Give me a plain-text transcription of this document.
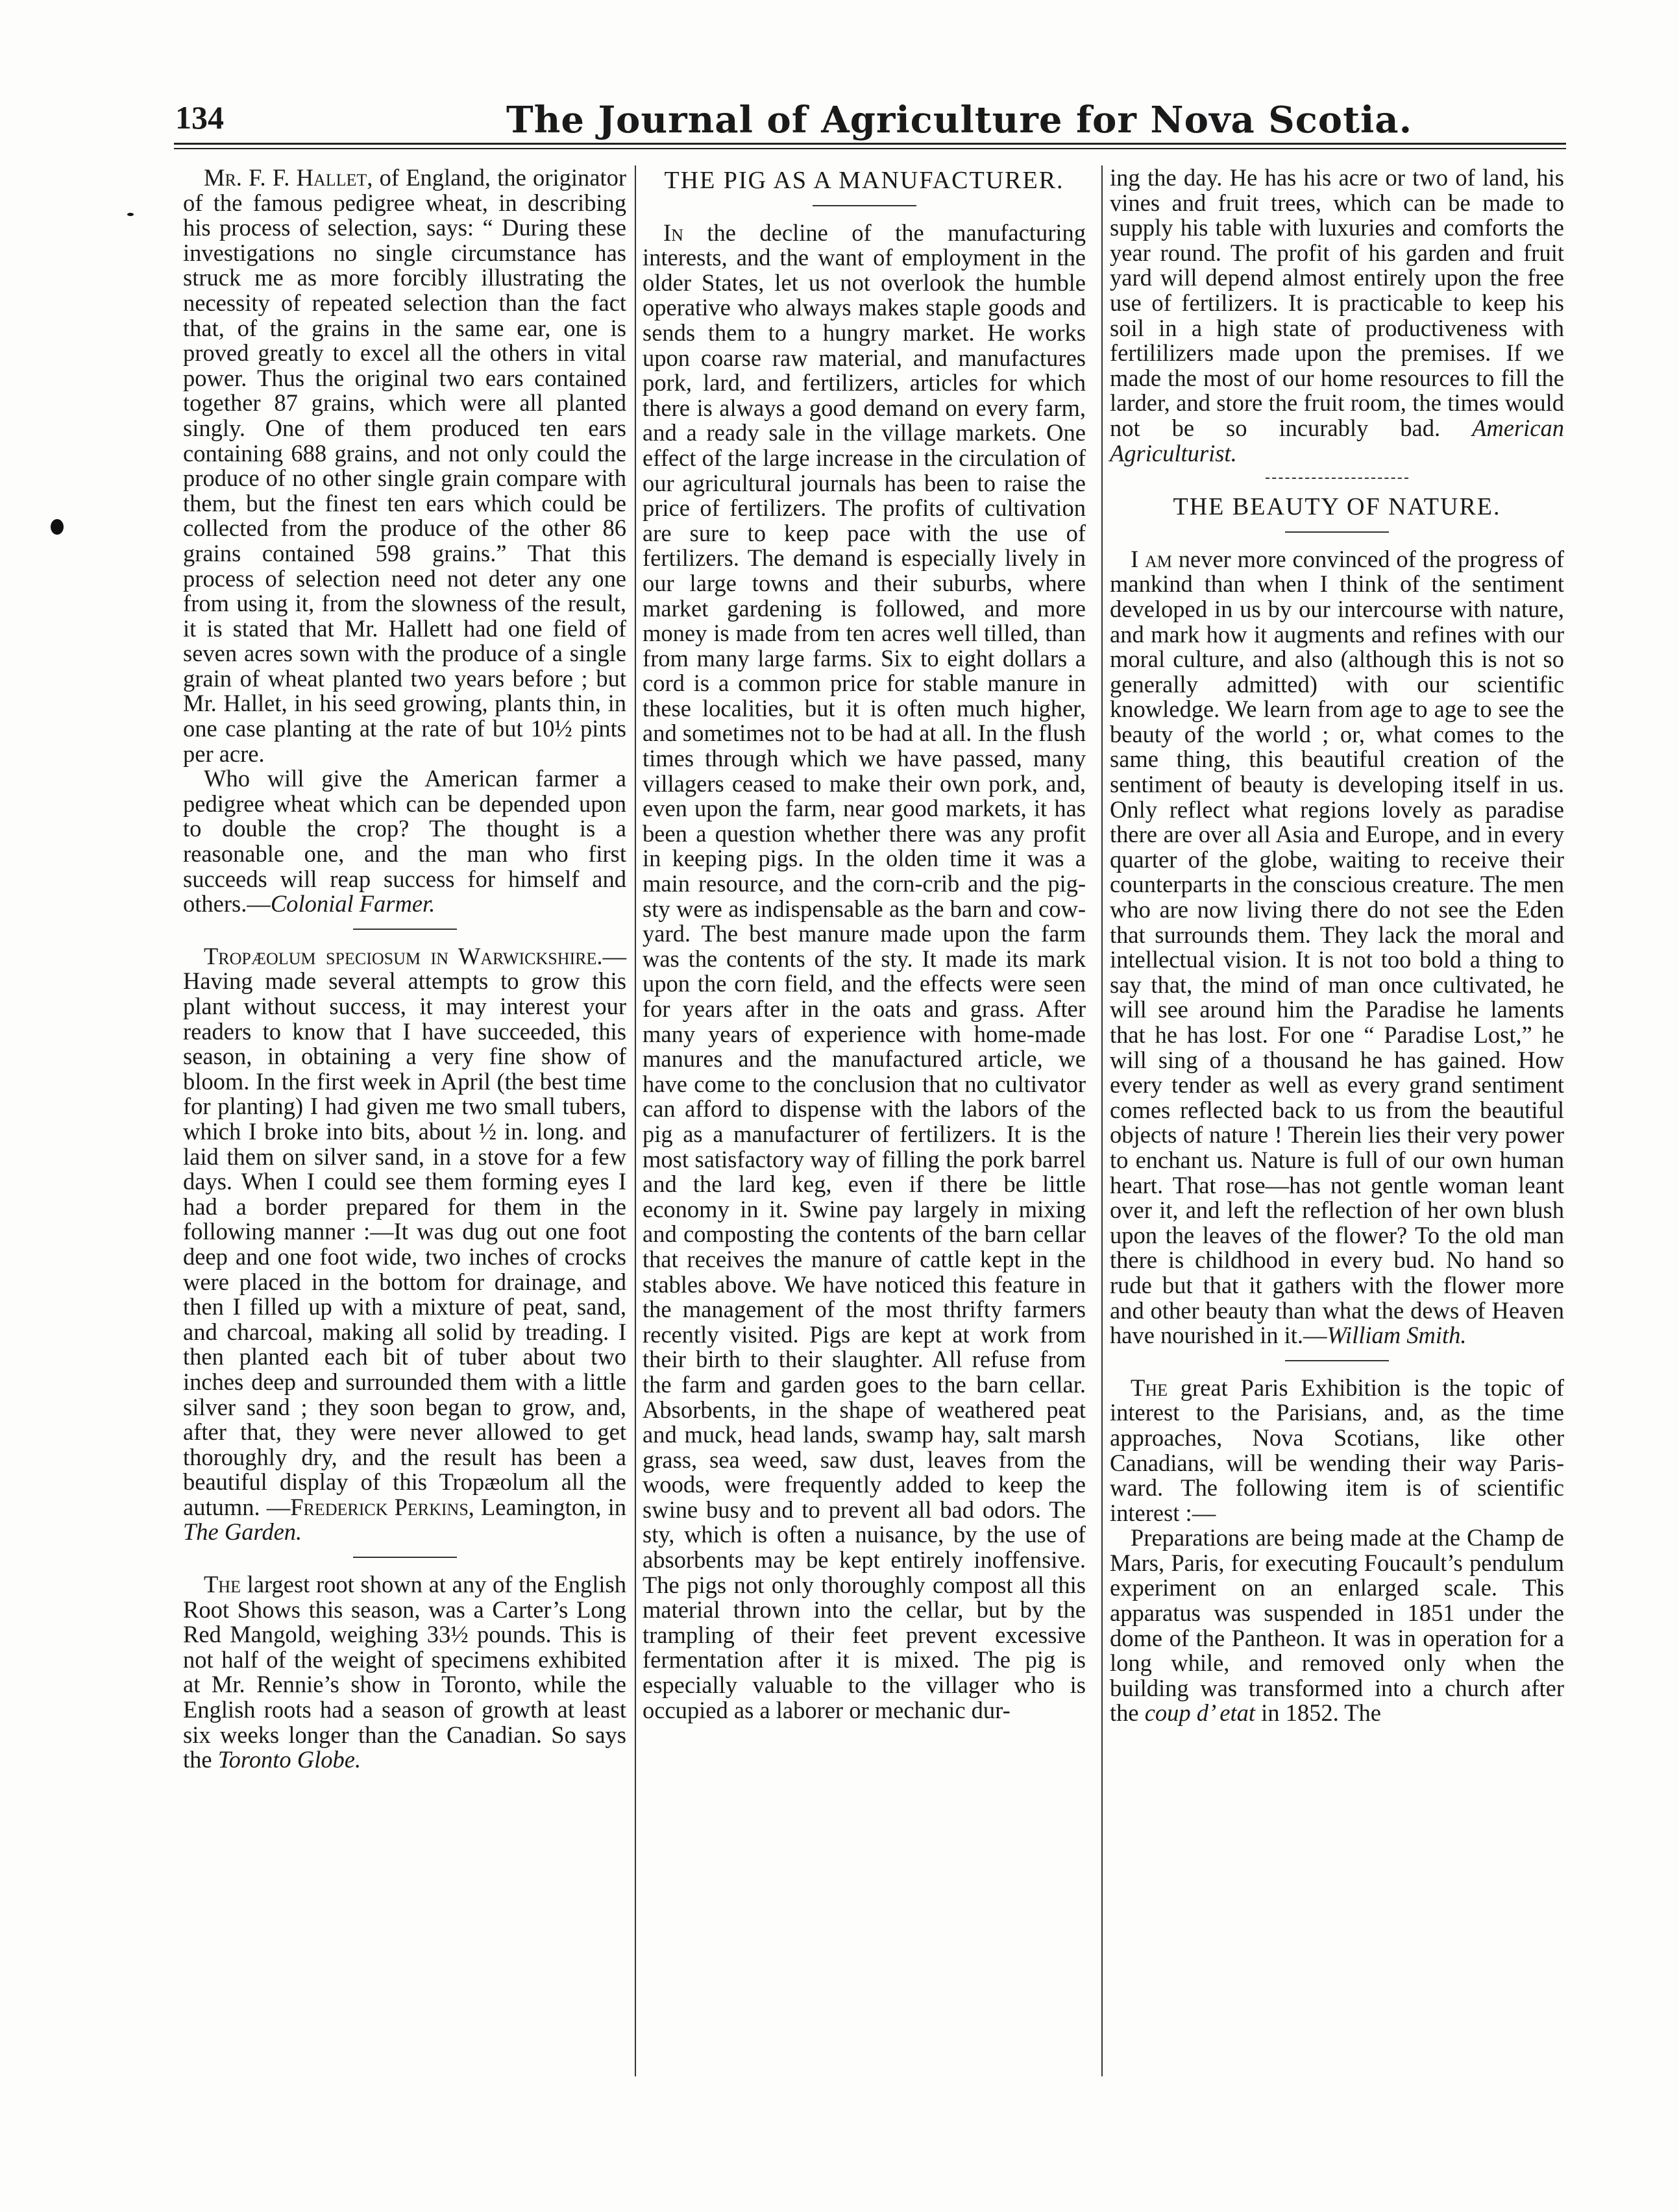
134	The Journal of Agriculture for Nova Scotia.

Mr. F. F. Hallet, of England, the originator of the famous pedigree wheat, in describing his process of selection, says: “ During these investigations no single circumstance has struck me as more forcibly illustrating the necessity of repeated selection than the fact that, of the grains in the same ear, one is proved greatly to excel all the others in vital power. Thus the original two ears contained together 87 grains, which were all planted singly. One of them produced ten ears containing 688 grains, and not only could the produce of no other single grain compare with them, but the finest ten ears which could be collected from the produce of the other 86 grains contained 598 grains.” That this process of selection need not deter any one from using it, from the slowness of the result, it is stated that Mr. Hallett had one field of seven acres sown with the produce of a single grain of wheat planted two years before ; but Mr. Hallet, in his seed growing, plants thin, in one case planting at the rate of but 10½ pints per acre.

Who will give the American farmer a pedigree wheat which can be depended upon to double the crop? The thought is a reasonable one, and the man who first succeeds will reap success for himself and others.—Colonial Farmer.

Tropæolum speciosum in Warwickshire.—Having made several attempts to grow this plant without success, it may interest your readers to know that I have succeeded, this season, in obtaining a very fine show of bloom. In the first week in April (the best time for planting) I had given me two small tubers, which I broke into bits, about ½ in. long. and laid them on silver sand, in a stove for a few days. When I could see them forming eyes I had a border prepared for them in the following manner :—It was dug out one foot deep and one foot wide, two inches of crocks were placed in the bottom for drainage, and then I filled up with a mixture of peat, sand, and charcoal, making all solid by treading. I then planted each bit of tuber about two inches deep and surrounded them with a little silver sand ; they soon began to grow, and, after that, they were never allowed to get thoroughly dry, and the result has been a beautiful display of this Tropæolum all the autumn. —Frederick Perkins, Leamington, in The Garden.

The largest root shown at any of the English Root Shows this season, was a Carter’s Long Red Mangold, weighing 33½ pounds. This is not half of the weight of specimens exhibited at Mr. Rennie’s show in Toronto, while the English roots had a season of growth at least six weeks longer than the Canadian. So says the Toronto Globe.

THE PIG AS A MANUFACTURER.

In the decline of the manufacturing interests, and the want of employment in the older States, let us not overlook the humble operative who always makes staple goods and sends them to a hungry market. He works upon coarse raw material, and manufactures pork, lard, and fertilizers, articles for which there is always a good demand on every farm, and a ready sale in the village markets. One effect of the large increase in the circulation of our agricultural journals has been to raise the price of fertilizers. The profits of cultivation are sure to keep pace with the use of fertilizers. The demand is especially lively in our large towns and their suburbs, where market gardening is followed, and more money is made from ten acres well tilled, than from many large farms. Six to eight dollars a cord is a common price for stable manure in these localities, but it is often much higher, and sometimes not to be had at all. In the flush times through which we have passed, many villagers ceased to make their own pork, and, even upon the farm, near good markets, it has been a question whether there was any profit in keeping pigs. In the olden time it was a main resource, and the corn-crib and the pig-sty were as indispensable as the barn and cow-yard. The best manure made upon the farm was the contents of the sty. It made its mark upon the corn field, and the effects were seen for years after in the oats and grass. After many years of experience with home-made manures and the manufactured article, we have come to the conclusion that no cultivator can afford to dispense with the labors of the pig as a manufacturer of fertilizers. It is the most satisfactory way of filling the pork barrel and the lard keg, even if there be little economy in it. Swine pay largely in mixing and composting the contents of the barn cellar that receives the manure of cattle kept in the stables above. We have noticed this feature in the management of the most thrifty farmers recently visited. Pigs are kept at work from their birth to their slaughter. All refuse from the farm and garden goes to the barn cellar. Absorbents, in the shape of weathered peat and muck, head lands, swamp hay, salt marsh grass, sea weed, saw dust, leaves from the woods, were frequently added to keep the swine busy and to prevent all bad odors. The sty, which is often a nuisance, by the use of absorbents may be kept entirely inoffensive. The pigs not only thoroughly compost all this material thrown into the cellar, but by the trampling of their feet prevent excessive fermentation after it is mixed. The pig is especially valuable to the villager who is occupied as a laborer or mechanic dur-

ing the day. He has his acre or two of land, his vines and fruit trees, which can be made to supply his table with luxuries and comforts the year round. The profit of his garden and fruit yard will depend almost entirely upon the free use of fertilizers. It is practicable to keep his soil in a high state of productiveness with fertililizers made upon the premises. If we made the most of our home resources to fill the larder, and store the fruit room, the times would not be so incurably bad. American Agriculturist.

THE BEAUTY OF NATURE.

I am never more convinced of the progress of mankind than when I think of the sentiment developed in us by our intercourse with nature, and mark how it augments and refines with our moral culture, and also (although this is not so generally admitted) with our scientific knowledge. We learn from age to age to see the beauty of the world ; or, what comes to the same thing, this beautiful creation of the sentiment of beauty is developing itself in us. Only reflect what regions lovely as paradise there are over all Asia and Europe, and in every quarter of the globe, waiting to receive their counterparts in the conscious creature. The men who are now living there do not see the Eden that surrounds them. They lack the moral and intellectual vision. It is not too bold a thing to say that, the mind of man once cultivated, he will see around him the Paradise he laments that he has lost. For one “ Paradise Lost,” he will sing of a thousand he has gained. How every tender as well as every grand sentiment comes reflected back to us from the beautiful objects of nature ! Therein lies their very power to enchant us. Nature is full of our own human heart. That rose—has not gentle woman leant over it, and left the reflection of her own blush upon the leaves of the flower? To the old man there is childhood in every bud. No hand so rude but that it gathers with the flower more and other beauty than what the dews of Heaven have nourished in it.—William Smith.

The great Paris Exhibition is the topic of interest to the Parisians, and, as the time approaches, Nova Scotians, like other Canadians, will be wending their way Paris-ward. The following item is of scientific interest :—

Preparations are being made at the Champ de Mars, Paris, for executing Foucault’s pendulum experiment on an enlarged scale. This apparatus was suspended in 1851 under the dome of the Pantheon. It was in operation for a long while, and removed only when the building was transformed into a church after the coup d’ etat in 1852. The
